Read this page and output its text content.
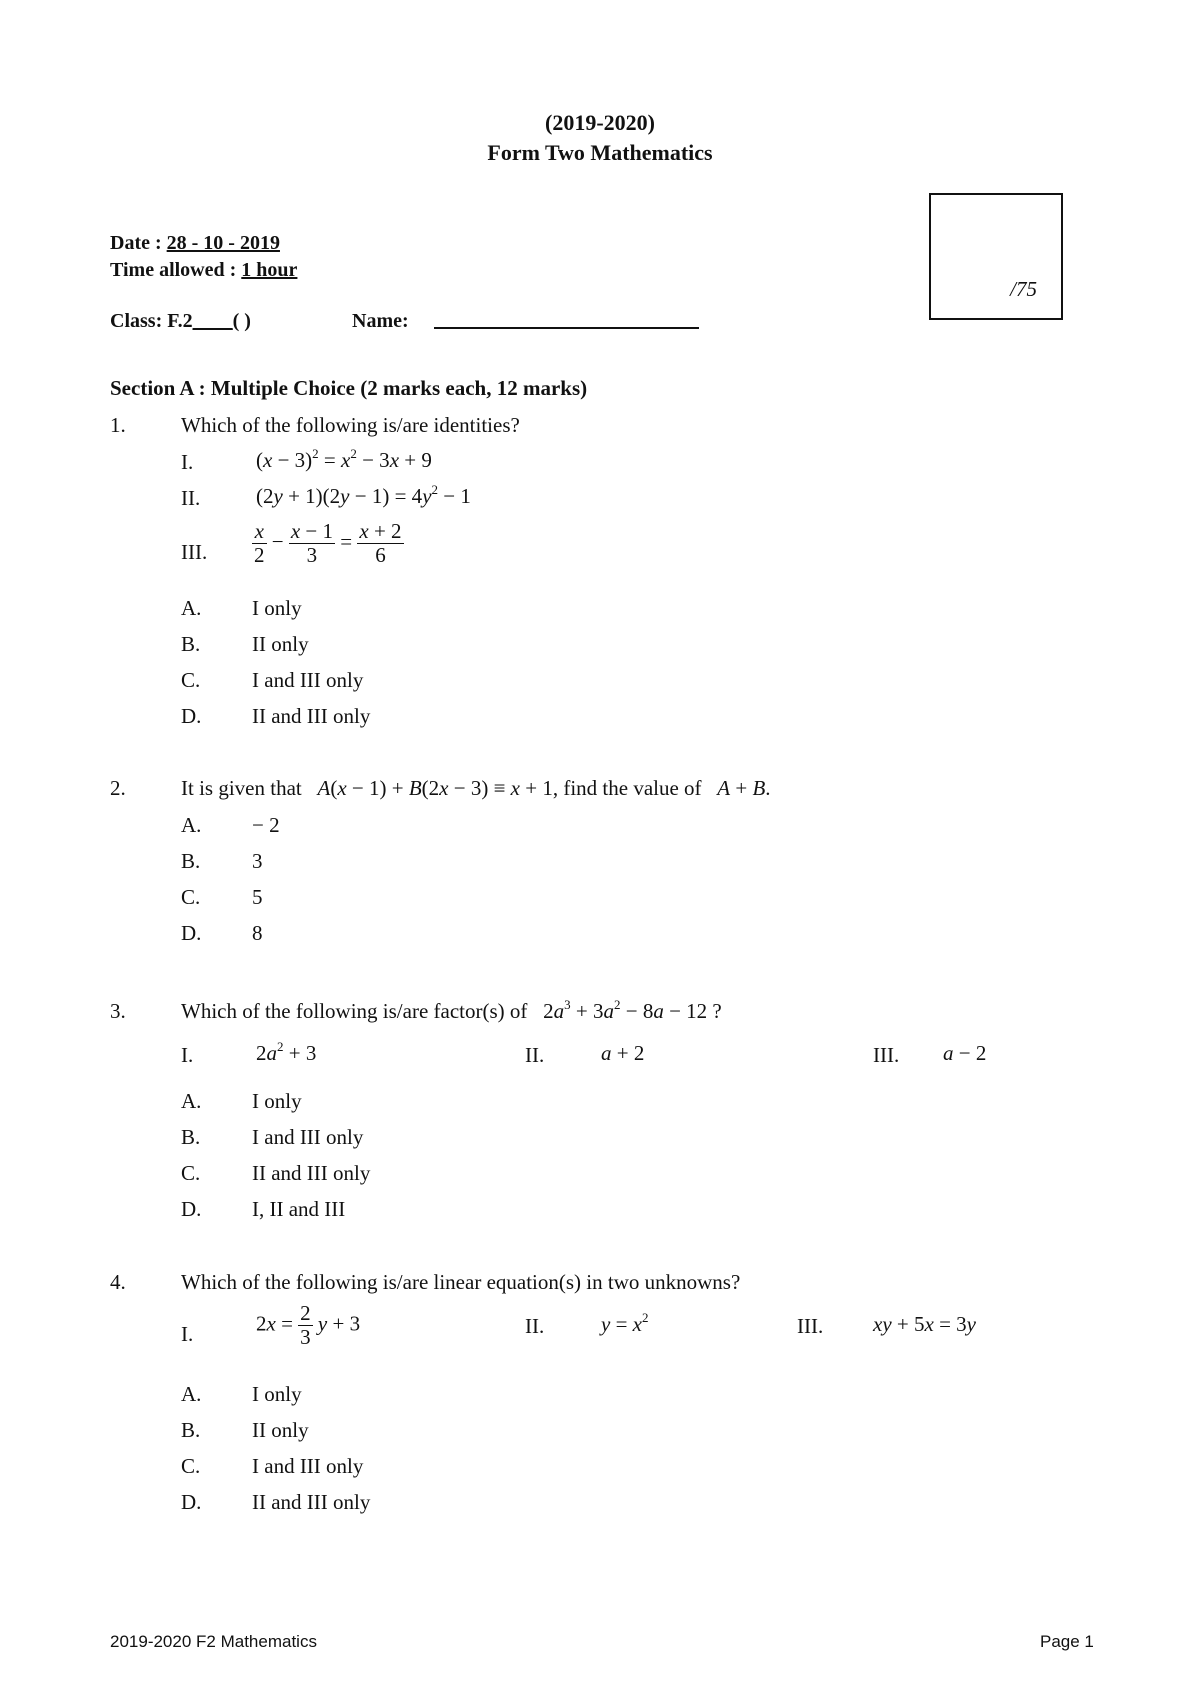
(2019-2020)
Form Two Mathematics
Date : 28 - 10 - 2019
Time allowed : 1 hour
Class: F.2____( )	Name:
/75
Section A : Multiple Choice (2 marks each, 12 marks)
1.	Which of the following is/are identities?
I.	$(x - 3)^2 = x^2 - 3x + 9$
II.	$(2y + 1)(2y - 1) = 4y^2 - 1$
III. $\frac{x}{2} - \frac{x - 1}{3} = \frac{x + 2}{6}$
A. I only
B. II only
C. I and III only
D. II and III only
2.	It is given that A(x − 1) + B(2x − 3) ≡ x + 1, find the value of A + B.
A. − 2
B. 3
C. 5
D. 8
3.	Which of the following is/are factor(s) of $2a^3 + 3a^2 - 8a - 12$ ?
I.	$2a^2 + 3$	II.	a + 2	III. a − 2
A. I only
B. I and III only
C. II and III only
D. I, II and III
4.	Which of the following is/are linear equation(s) in two unknowns?
I.	$2x = \frac{2}{3}$ y + 3	II.	$y = x^2$	III. xy + 5x = 3y
A. I only
B. II only
C. I and III only
D. II and III only
2019-2020 F2 Mathematics	Page 1
